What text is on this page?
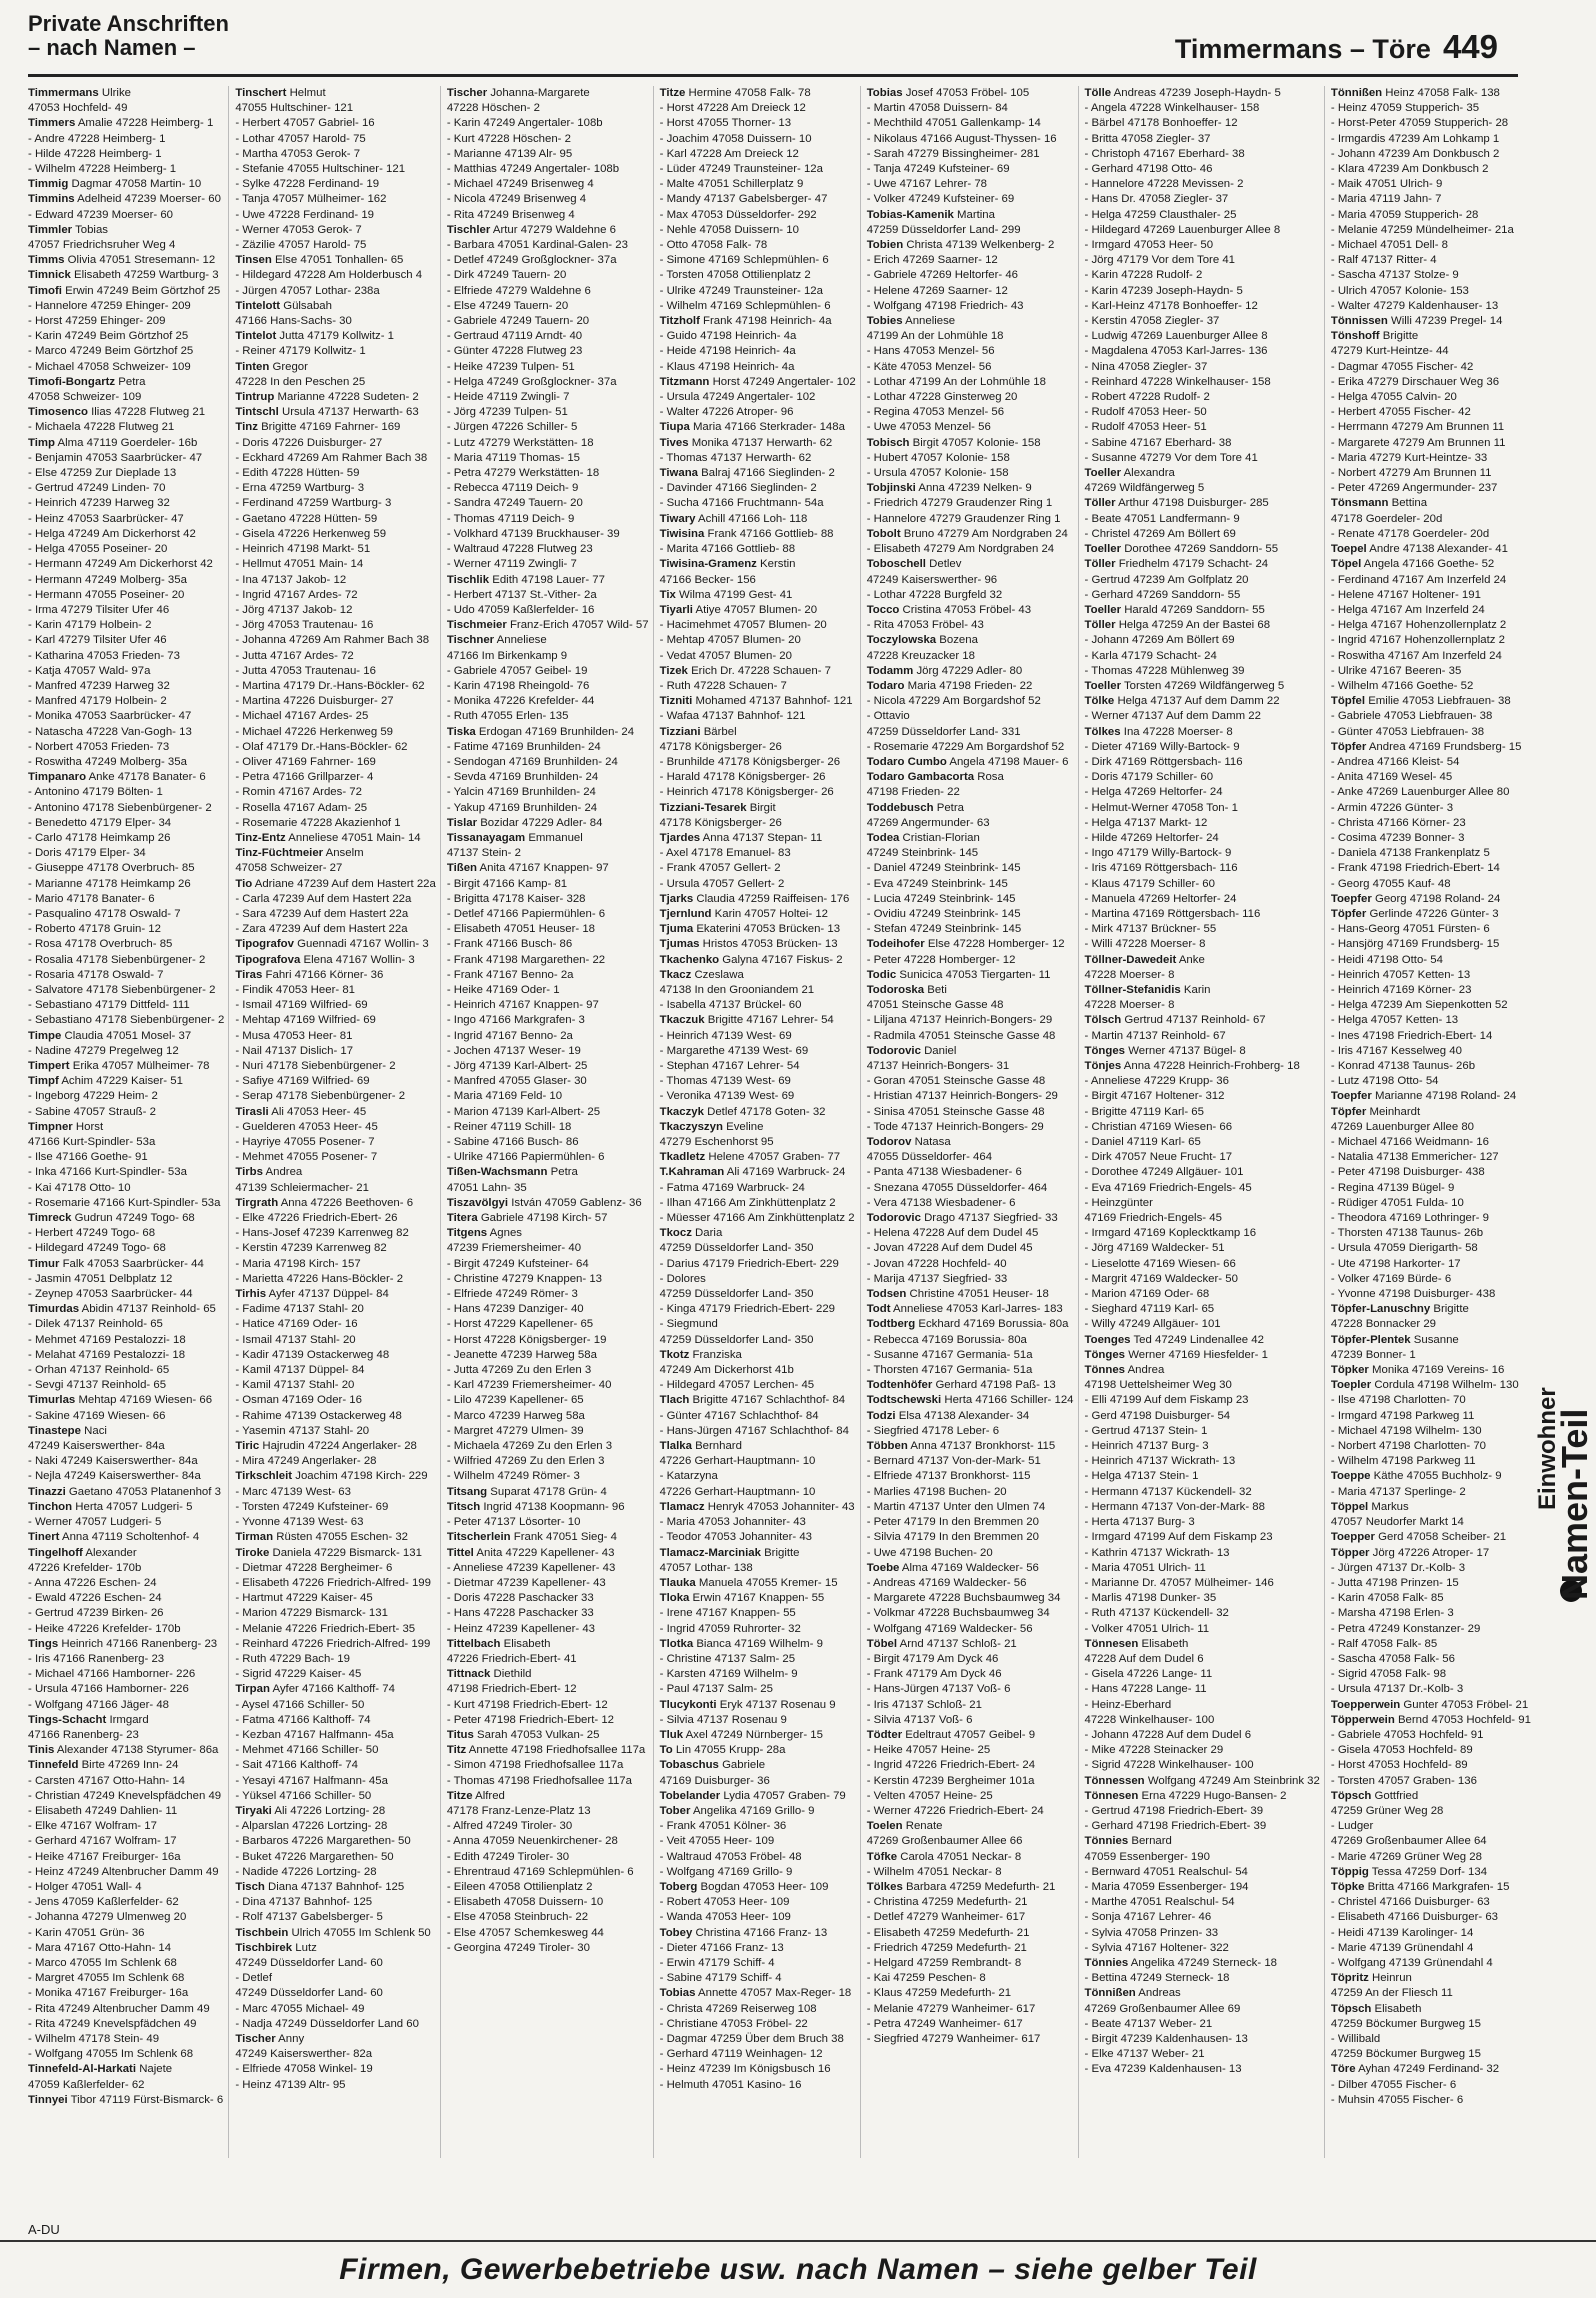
Private Anschriften
– nach Namen –	Timmermans – Töre 449
Timmermans Ulrike
47053 Hochfeld- 49
Timmers Amalie 47228 Heimberg- 1
- Andre 47228 Heimberg- 1
- Hilde 47228 Heimberg- 1
- Wilhelm 47228 Heimberg- 1
Timmig Dagmar 47058 Martin- 10
Timmins Adelheid 47239 Moerser- 60
- Edward 47239 Moerser- 60
Timmler Tobias
47057 Friedrichsruher Weg 4
Timms Olivia 47051 Stresemann- 12
Timnick Elisabeth 47259 Wartburg- 3
Timofi Erwin 47249 Beim Görtzhof 25
- Hannelore 47259 Ehinger- 209
- Horst 47259 Ehinger- 209
- Karin 47249 Beim Görtzhof 25
- Marco 47249 Beim Görtzhof 25
- Michael 47058 Schweizer- 109
Timofi-Bongartz Petra
47058 Schweizer- 109
Timosenco Ilias 47228 Flutweg 21
- Michaela 47228 Flutweg 21
Timp Alma 47119 Goerdeler- 16b
- Benjamin 47053 Saarbrücker- 47
- Else 47259 Zur Dieplade 13
- Gertrud 47249 Linden- 70
- Heinrich 47239 Harweg 32
- Heinz 47053 Saarbrücker- 47
- Helga 47249 Am Dickerhorst 42
- Helga 47055 Poseiner- 20
- Hermann 47249 Am Dickerhorst 42
- Hermann 47249 Molberg- 35a
- Hermann 47055 Poseiner- 20
- Irma 47279 Tilsiter Ufer 46
- Karin 47179 Holbein- 2
- Karl 47279 Tilsiter Ufer 46
- Katharina 47053 Frieden- 73
- Katja 47057 Wald- 97a
- Manfred 47239 Harweg 32
- Manfred 47179 Holbein- 2
- Monika 47053 Saarbrücker- 47
- Natascha 47228 Van-Gogh- 13
- Norbert 47053 Frieden- 73
- Roswitha 47249 Molberg- 35a
Timpanaro Anke 47178 Banater- 6
- Antonino 47179 Bölten- 1
- Antonino 47178 Siebenbürgener- 2
- Benedetto 47179 Elper- 34
- Carlo 47178 Heimkamp 26
- Doris 47179 Elper- 34
- Giuseppe 47178 Overbruch- 85
- Marianne 47178 Heimkamp 26
- Mario 47178 Banater- 6
- Pasqualino 47178 Oswald- 7
- Roberto 47178 Gruin- 12
- Rosa 47178 Overbruch- 85
- Rosalia 47178 Siebenbürgener- 2
- Rosaria 47178 Oswald- 7
- Salvatore 47178 Siebenbürgener- 2
- Sebastiano 47179 Dittfeld- 111
- Sebastiano 47178 Siebenbürgener- 2
Timpe Claudia 47051 Mosel- 37
- Nadine 47279 Pregelweg 12
Timpert Erika 47057 Mülheimer- 78
Timpf Achim 47229 Kaiser- 51
- Ingeborg 47229 Heim- 2
- Sabine 47057 Strauß- 2
Timpner Horst
47166 Kurt-Spindler- 53a
- Ilse 47166 Goethe- 91
- Inka 47166 Kurt-Spindler- 53a
- Kai 47178 Otto- 10
- Rosemarie 47166 Kurt-Spindler- 53a
Timreck Gudrun 47249 Togo- 68
- Herbert 47249 Togo- 68
- Hildegard 47249 Togo- 68
Timur Falk 47053 Saarbrücker- 44
- Jasmin 47051 Delbplatz 12
- Zeynep 47053 Saarbrücker- 44
Timurdas Abidin 47137 Reinhold- 65
- Dilek 47137 Reinhold- 65
- Mehmet 47169 Pestalozzi- 18
- Melahat 47169 Pestalozzi- 18
- Orhan 47137 Reinhold- 65
- Sevgi 47137 Reinhold- 65
Timurlas Mehtap 47169 Wiesen- 66
- Sakine 47169 Wiesen- 66
Tinastepe Naci
47249 Kaiserswerther- 84a
- Naki 47249 Kaiserswerther- 84a
- Nejla 47249 Kaiserswerther- 84a
Tinazzi Gaetano 47053 Platanenhof 3
Tinchon Herta 47057 Ludgeri- 5
- Werner 47057 Ludgeri- 5
Tinert Anna 47119 Scholtenhof- 4
Tingelhoff Alexander
47226 Krefelder- 170b
- Anna 47226 Eschen- 24
- Ewald 47226 Eschen- 24
- Gertrud 47239 Birken- 26
- Heike 47226 Krefelder- 170b
Tings Heinrich 47166 Ranenberg- 23
- Iris 47166 Ranenberg- 23
- Michael 47166 Hamborner- 226
- Ursula 47166 Hamborner- 226
- Wolfgang 47166 Jäger- 48
Tings-Schacht Irmgard
47166 Ranenberg- 23
Tinis Alexander 47138 Styrumer- 86a
Tinnefeld Birte 47269 Inn- 24
- Carsten 47167 Otto-Hahn- 14
- Christian 47249 Knevelspfädchen 49
- Elisabeth 47249 Dahlien- 11
- Elke 47167 Wolfram- 17
- Gerhard 47167 Wolfram- 17
- Heike 47167 Freiburger- 16a
- Heinz 47249 Altenbrucher Damm 49
- Holger 47051 Wall- 4
- Jens 47059 Kaßlerfelder- 62
- Johanna 47279 Ulmenweg 20
- Karin 47051 Grün- 36
- Mara 47167 Otto-Hahn- 14
- Marco 47055 Im Schlenk 68
- Margret 47055 Im Schlenk 68
- Monika 47167 Freiburger- 16a
- Rita 47249 Altenbrucher Damm 49
- Rita 47249 Knevelspfädchen 49
- Wilhelm 47178 Stein- 49
- Wolfgang 47055 Im Schlenk 68
Tinnefeld-Al-Harkati Najete
47059 Kaßlerfelder- 62
Tinnyei Tibor 47119 Fürst-Bismarck- 6
Tinschert Helmut
47055 Hultschiner- 121
- Herbert 47057 Gabriel- 16
- Lothar 47057 Harold- 75
- Martha 47053 Gerok- 7
- Stefanie 47055 Hultschiner- 121
- Sylke 47228 Ferdinand- 19
- Tanja 47057 Mülheimer- 162
- Uwe 47228 Ferdinand- 19
- Werner 47053 Gerok- 7
- Zäzilie 47057 Harold- 75
Tinsen Else 47051 Tonhallen- 65
- Hildegard 47228 Am Holderbusch 4
- Jürgen 47057 Lothar- 238a
Tintelott Gülsabah
47166 Hans-Sachs- 30
Tintelot Jutta 47179 Kollwitz- 1
- Reiner 47179 Kollwitz- 1
Tinten Gregor
47228 In den Peschen 25
Tintrup Marianne 47228 Sudeten- 2
Tintschl Ursula 47137 Herwarth- 63
Tinz Brigitte 47169 Fahrner- 169
- Doris 47226 Duisburger- 27
- Eckhard 47269 Am Rahmer Bach 38
- Edith 47228 Hütten- 59
- Erna 47259 Wartburg- 3
- Ferdinand 47259 Wartburg- 3
- Gaetano 47228 Hütten- 59
- Gisela 47226 Herkenweg 59
- Heinrich 47198 Markt- 51
- Hellmut 47051 Main- 14
- Ina 47137 Jakob- 12
- Ingrid 47167 Ardes- 72
- Jörg 47137 Jakob- 12
- Jörg 47053 Trautenau- 16
- Johanna 47269 Am Rahmer Bach 38
- Jutta 47167 Ardes- 72
- Jutta 47053 Trautenau- 16
- Martina 47179 Dr.-Hans-Böckler- 62
- Martina 47226 Duisburger- 27
- Michael 47167 Ardes- 25
- Michael 47226 Herkenweg 59
- Olaf 47179 Dr.-Hans-Böckler- 62
- Oliver 47169 Fahrner- 169
- Petra 47166 Grillparzer- 4
- Romin 47167 Ardes- 72
- Rosella 47167 Adam- 25
- Rosemarie 47228 Akazienhof 1
Tinz-Entz Anneliese 47051 Main- 14
Tinz-Füchtmeier Anselm
47058 Schweizer- 27
Tio Adriane 47239 Auf dem Hastert 22a
- Carla 47239 Auf dem Hastert 22a
- Sara 47239 Auf dem Hastert 22a
- Zara 47239 Auf dem Hastert 22a
Tipografov Guennadi 47167 Wollin- 3
Tipografova Elena 47167 Wollin- 3
Tiras Fahri 47166 Körner- 36
- Findik 47053 Heer- 81
- Ismail 47169 Wilfried- 69
- Mehtap 47169 Wilfried- 69
- Musa 47053 Heer- 81
- Nail 47137 Dislich- 17
- Nuri 47178 Siebenbürgener- 2
- Safiye 47169 Wilfried- 69
- Serap 47178 Siebenbürgener- 2
Tirasli Ali 47053 Heer- 45
- Guelderen 47053 Heer- 45
- Hayriye 47055 Posener- 7
- Mehmet 47055 Posener- 7
Tirbs Andrea
47139 Schleiermacher- 21
Tirgrath Anna 47226 Beethoven- 6
- Elke 47226 Friedrich-Ebert- 26
- Hans-Josef 47239 Karrenweg 82
- Kerstin 47239 Karrenweg 82
- Maria 47198 Kirch- 157
- Marietta 47226 Hans-Böckler- 2
Tirhis Ayfer 47137 Düppel- 84
- Fadime 47137 Stahl- 20
- Hatice 47169 Oder- 16
- Ismail 47137 Stahl- 20
- Kadir 47139 Ostackerweg 48
- Kamil 47137 Düppel- 84
- Kamil 47137 Stahl- 20
- Osman 47169 Oder- 16
- Rahime 47139 Ostackerweg 48
- Yasemin 47137 Stahl- 20
Tiric Hajrudin 47224 Angerlaker- 28
- Mira 47249 Angerlaker- 28
Tirkschleit Joachim 47198 Kirch- 229
- Marc 47139 West- 63
- Torsten 47249 Kufsteiner- 69
- Yvonne 47139 West- 63
Tirman Rüsten 47055 Eschen- 32
Tiroke Daniela 47229 Bismarck- 131
- Dietmar 47228 Bergheimer- 6
- Elisabeth 47226 Friedrich-Alfred- 199
- Hartmut 47229 Kaiser- 45
- Marion 47229 Bismarck- 131
- Melanie 47226 Friedrich-Ebert- 35
- Reinhard 47226 Friedrich-Alfred- 199
- Ruth 47229 Bach- 19
- Sigrid 47229 Kaiser- 45
Tirpan Ayfer 47166 Kalthoff- 74
- Aysel 47166 Schiller- 50
- Fatma 47166 Kalthoff- 74
- Kezban 47167 Halfmann- 45a
- Mehmet 47166 Schiller- 50
- Sait 47166 Kalthoff- 74
- Yesayi 47167 Halfmann- 45a
- Yüksel 47166 Schiller- 50
Tiryaki Ali 47226 Lortzing- 28
- Alparslan 47226 Lortzing- 28
- Barbaros 47226 Margarethen- 50
- Buket 47226 Margarethen- 50
- Nadide 47226 Lortzing- 28
Tisch Diana 47137 Bahnhof- 125
- Dina 47137 Bahnhof- 125
- Rolf 47137 Gabelsberger- 5
Tischbein Ulrich 47055 Im Schlenk 50
Tischbirek Lutz
47249 Düsseldorfer Land- 60
- Detlef
47249 Düsseldorfer Land- 60
- Marc 47055 Michael- 49
- Nadja 47249 Düsseldorfer Land 60
Tischer Anny
47249 Kaiserswerther- 82a
- Elfriede 47058 Winkel- 19
- Heinz 47139 Altr- 95
Tischer Johanna-Margarete
47228 Höschen- 2
- Karin 47249 Angertaler- 108b
- Kurt 47228 Höschen- 2
- Marianne 47139 Alr- 95
- Matthias 47249 Angertaler- 108b
- Michael 47249 Brisenweg 4
- Nicola 47249 Brisenweg 4
- Rita 47249 Brisenweg 4
Tischler Artur 47279 Waldehne 6
- Barbara 47051 Kardinal-Galen- 23
- Detlef 47249 Großglockner- 37a
- Dirk 47249 Tauern- 20
- Elfriede 47279 Waldehne 6
- Else 47249 Tauern- 20
- Gabriele 47249 Tauern- 20
- Gertraud 47119 Arndt- 40
- Günter 47228 Flutweg 23
- Heike 47239 Tulpen- 51
- Helga 47249 Großglockner- 37a
- Heide 47119 Zwingli- 7
- Jörg 47239 Tulpen- 51
- Jürgen 47226 Schiller- 5
- Lutz 47279 Werkstätten- 18
- Maria 47119 Thomas- 15
- Petra 47279 Werkstätten- 18
- Rebecca 47119 Deich- 9
- Sandra 47249 Tauern- 20
- Thomas 47119 Deich- 9
- Volkhard 47139 Bruckhauser- 39
- Waltraud 47228 Flutweg 23
- Werner 47119 Zwingli- 7
Tischlik Edith 47198 Lauer- 77
- Herbert 47137 St.-Vither- 2a
- Udo 47059 Kaßlerfelder- 16
Tischmeier Franz-Erich 47057 Wild- 57
Tischner Anneliese
47166 Im Birkenkamp 9
- Gabriele 47057 Geibel- 19
- Karin 47198 Rheingold- 76
- Monika 47226 Krefelder- 44
- Ruth 47055 Erlen- 135
Tiska Erdogan 47169 Brunhilden- 24
- Fatime 47169 Brunhilden- 24
- Sendogan 47169 Brunhilden- 24
- Sevda 47169 Brunhilden- 24
- Yalcin 47169 Brunhilden- 24
- Yakup 47169 Brunhilden- 24
Tislar Bozidar 47229 Adler- 84
Tissanayagam Emmanuel
47137 Stein- 2
Tißen Anita 47167 Knappen- 97
- Birgit 47166 Kamp- 81
- Brigitta 47178 Kaiser- 328
- Detlef 47166 Papiermühlen- 6
- Elisabeth 47051 Heuser- 18
- Frank 47166 Busch- 86
- Frank 47198 Margarethen- 22
- Frank 47167 Benno- 2a
- Heike 47169 Oder- 1
- Heinrich 47167 Knappen- 97
- Ingo 47166 Markgrafen- 3
- Ingrid 47167 Benno- 2a
- Jochen 47137 Weser- 19
- Jörg 47139 Karl-Albert- 25
- Manfred 47055 Glaser- 30
- Maria 47169 Feld- 10
- Marion 47139 Karl-Albert- 25
- Reiner 47119 Schill- 18
- Sabine 47166 Busch- 86
- Ulrike 47166 Papiermühlen- 6
Tißen-Wachsmann Petra
47051 Lahn- 35
Tiszavölgyi István 47059 Gablenz- 36
Titera Gabriele 47198 Kirch- 57
Titgens Agnes
47239 Friemersheimer- 40
- Birgit 47249 Kufsteiner- 64
- Christine 47279 Knappen- 13
- Elfriede 47249 Römer- 3
- Hans 47239 Danziger- 40
- Horst 47229 Kapellener- 65
- Horst 47228 Königsberger- 19
- Jeanette 47239 Harweg 58a
- Jutta 47269 Zu den Erlen 3
- Karl 47239 Friemersheimer- 40
- Lilo 47239 Kapellener- 65
- Marco 47239 Harweg 58a
- Margret 47279 Ulmen- 39
- Michaela 47269 Zu den Erlen 3
- Wilfried 47269 Zu den Erlen 3
- Wilhelm 47249 Römer- 3
Titsang Suparat 47178 Grün- 4
Titsch Ingrid 47138 Koopmann- 96
- Peter 47137 Lösorter- 10
Titscherlein Frank 47051 Sieg- 4
Tittel Anita 47229 Kapellener- 43
- Anneliese 47239 Kapellener- 43
- Dietmar 47239 Kapellener- 43
- Doris 47228 Paschacker 33
- Hans 47228 Paschacker 33
- Heinz 47239 Kapellener- 43
Tittelbach Elisabeth
47226 Friedrich-Ebert- 41
Tittnack Diethild
47198 Friedrich-Ebert- 12
- Kurt 47198 Friedrich-Ebert- 12
- Peter 47198 Friedrich-Ebert- 12
Titus Sarah 47053 Vulkan- 25
Titz Annette 47198 Friedhofsallee 117a
- Simon 47198 Friedhofsallee 117a
- Thomas 47198 Friedhofsallee 117a
Titze Alfred
47178 Franz-Lenze-Platz 13
- Alfred 47249 Tiroler- 30
- Anna 47059 Neuenkirchener- 28
- Edith 47249 Tiroler- 30
- Ehrentraud 47169 Schlepmühlen- 6
- Eileen 47058 Ottilienplatz 2
- Elisabeth 47058 Duissern- 10
- Else 47058 Steinbruch- 22
- Else 47057 Schemkesweg 44
- Georgina 47249 Tiroler- 30
Titze Hermine 47058 Falk- 78
- Horst 47228 Am Dreieck 12
- Horst 47055 Thorner- 13
- Joachim 47058 Duissern- 10
- Karl 47228 Am Dreieck 12
- Lüder 47249 Traunsteiner- 12a
- Malte 47051 Schillerplatz 9
- Mandy 47137 Gabelsberger- 47
- Max 47053 Düsseldorfer- 292
- Nehle 47058 Duissern- 10
- Otto 47058 Falk- 78
- Simone 47169 Schlepmühlen- 6
- Torsten 47058 Ottilienplatz 2
- Ulrike 47249 Traunsteiner- 12a
- Wilhelm 47169 Schlepmühlen- 6
Titzholf Frank 47198 Heinrich- 4a
- Guido 47198 Heinrich- 4a
- Heide 47198 Heinrich- 4a
- Klaus 47198 Heinrich- 4a
Titzmann Horst 47249 Angertaler- 102
- Ursula 47249 Angertaler- 102
- Walter 47226 Atroper- 96
Tiupa Maria 47166 Sterkrader- 148a
Tives Monika 47137 Herwarth- 62
- Thomas 47137 Herwarth- 62
Tiwana Balraj 47166 Sieglinden- 2
- Davinder 47166 Sieglinden- 2
- Sucha 47166 Fruchtmann- 54a
Tiwary Achill 47166 Loh- 118
Tiwisina Frank 47166 Gottlieb- 88
- Marita 47166 Gottlieb- 88
Tiwisina-Gramenz Kerstin
47166 Becker- 156
Tix Wilma 47199 Gest- 41
Tiyarli Atiye 47057 Blumen- 20
- Hacimehmet 47057 Blumen- 20
- Mehtap 47057 Blumen- 20
- Vedat 47057 Blumen- 20
Tizek Erich Dr. 47228 Schauen- 7
- Ruth 47228 Schauen- 7
Tizniti Mohamed 47137 Bahnhof- 121
- Wafaa 47137 Bahnhof- 121
Tizziani Bärbel
47178 Königsberger- 26
- Brunhilde 47178 Königsberger- 26
- Harald 47178 Königsberger- 26
- Heinrich 47178 Königsberger- 26
Tizziani-Tesarek Birgit
47178 Königsberger- 26
Tjardes Anna 47137 Stepan- 11
- Axel 47178 Emanuel- 83
- Frank 47057 Gellert- 2
- Ursula 47057 Gellert- 2
Tjarks Claudia 47259 Raiffeisen- 176
Tjernlund Karin 47057 Holtei- 12
Tjuma Ekaterini 47053 Brücken- 13
Tjumas Hristos 47053 Brücken- 13
Tkachenko Galyna 47167 Fiskus- 2
Tkacz Czeslawa
47138 In den Grooniandem 21
- Isabella 47137 Brückel- 60
Tkaczuk Brigitte 47167 Lehrer- 54
- Heinrich 47139 West- 69
- Margarethe 47139 West- 69
- Stephan 47167 Lehrer- 54
- Thomas 47139 West- 69
- Veronika 47139 West- 69
Tkaczyk Detlef 47178 Goten- 32
Tkaczyszyn Eveline
47279 Eschenhorst 95
Tkadletz Helene 47057 Graben- 77
T.Kahraman Ali 47169 Warbruck- 24
- Fatma 47169 Warbruck- 24
- Ilhan 47166 Am Zinkhüttenplatz 2
- Müesser 47166 Am Zinkhüttenplatz 2
Tkocz Daria
47259 Düsseldorfer Land- 350
- Darius 47179 Friedrich-Ebert- 229
- Dolores
47259 Düsseldorfer Land- 350
- Kinga 47179 Friedrich-Ebert- 229
- Siegmund
47259 Düsseldorfer Land- 350
Tkotz Franziska
47249 Am Dickerhorst 41b
- Hildegard 47057 Lerchen- 45
Tlach Brigitte 47167 Schlachthof- 84
- Günter 47167 Schlachthof- 84
- Hans-Jürgen 47167 Schlachthof- 84
Tlalka Bernhard
47226 Gerhart-Hauptmann- 10
- Katarzyna
47226 Gerhart-Hauptmann- 10
Tlamacz Henryk 47053 Johanniter- 43
- Maria 47053 Johanniter- 43
- Teodor 47053 Johanniter- 43
Tlamacz-Marciniak Brigitte
47057 Lothar- 138
Tlauka Manuela 47055 Kremer- 15
Tloka Erwin 47167 Knappen- 55
- Irene 47167 Knappen- 55
- Ingrid 47059 Ruhrorter- 32
Tlotka Bianca 47169 Wilhelm- 9
- Christine 47137 Salm- 25
- Karsten 47169 Wilhelm- 9
- Paul 47137 Salm- 25
Tlucykonti Eryk 47137 Rosenau 9
- Silvia 47137 Rosenau 9
Tluk Axel 47249 Nürnberger- 15
To Lin 47055 Krupp- 28a
Tobaschus Gabriele
47169 Duisburger- 36
Tobelander Lydia 47057 Graben- 79
Tober Angelika 47169 Grillo- 9
- Frank 47051 Kölner- 36
- Veit 47055 Heer- 109
- Waltraud 47053 Fröbel- 48
- Wolfgang 47169 Grillo- 9
Toberg Bogdan 47053 Heer- 109
- Robert 47053 Heer- 109
- Wanda 47053 Heer- 109
Tobey Christina 47166 Franz- 13
- Dieter 47166 Franz- 13
- Erwin 47179 Schiff- 4
- Sabine 47179 Schiff- 4
Tobias Annette 47057 Max-Reger- 18
- Christa 47269 Reiserweg 108
- Christiane 47053 Fröbel- 22
- Dagmar 47259 Über dem Bruch 38
- Gerhard 47119 Weinhagen- 12
- Heinz 47239 Im Königsbusch 16
- Helmuth 47051 Kasino- 16
Tobias Josef 47053 Fröbel- 105
- Martin 47058 Duissern- 84
- Mechthild 47051 Gallenkamp- 14
- Nikolaus 47166 August-Thyssen- 16
- Sarah 47279 Bissingheimer- 281
- Tanja 47249 Kufsteiner- 69
- Uwe 47167 Lehrer- 78
- Volker 47249 Kufsteiner- 69
Tobias-Kamenik Martina
47259 Düsseldorfer Land- 299
Tobien Christa 47139 Welkenberg- 2
- Erich 47269 Saarner- 12
- Gabriele 47269 Heltorfer- 46
- Helene 47269 Saarner- 12
- Wolfgang 47198 Friedrich- 43
Tobies Anneliese
47199 An der Lohmühle 18
- Hans 47053 Menzel- 56
- Käte 47053 Menzel- 56
- Lothar 47199 An der Lohmühle 18
- Lothar 47228 Ginsterweg 20
- Regina 47053 Menzel- 56
- Uwe 47053 Menzel- 56
Tobisch Birgit 47057 Kolonie- 158
- Hubert 47057 Kolonie- 158
- Ursula 47057 Kolonie- 158
Tobjinski Anna 47239 Nelken- 9
- Friedrich 47279 Graudenzer Ring 1
- Hannelore 47279 Graudenzer Ring 1
Tobolt Bruno 47279 Am Nordgraben 24
- Elisabeth 47279 Am Nordgraben 24
Toboschell Detlev
47249 Kaiserswerther- 96
- Lothar 47228 Burgfeld 32
Tocco Cristina 47053 Fröbel- 43
- Rita 47053 Fröbel- 43
Toczylowska Bozena
47228 Kreuzacker 18
Todamm Jörg 47229 Adler- 80
Todaro Maria 47198 Frieden- 22
- Nicola 47229 Am Borgardshof 52
- Ottavio
47259 Düsseldorfer Land- 331
- Rosemarie 47229 Am Borgardshof 52
Todaro Cumbo Angela 47198 Mauer- 6
Todaro Gambacorta Rosa
47198 Frieden- 22
Toddebusch Petra
47269 Angermunder- 63
Todea Cristian-Florian
47249 Steinbrink- 145
- Daniel 47249 Steinbrink- 145
- Eva 47249 Steinbrink- 145
- Lucia 47249 Steinbrink- 145
- Ovidiu 47249 Steinbrink- 145
- Stefan 47249 Steinbrink- 145
Todeihofer Else 47228 Homberger- 12
- Peter 47228 Homberger- 12
Todic Sunicica 47053 Tiergarten- 11
Todoroska Beti
47051 Steinsche Gasse 48
- Liljana 47137 Heinrich-Bongers- 29
- Radmila 47051 Steinsche Gasse 48
Todorovic Daniel
47137 Heinrich-Bongers- 31
- Goran 47051 Steinsche Gasse 48
- Hristian 47137 Heinrich-Bongers- 29
- Sinisa 47051 Steinsche Gasse 48
- Tode 47137 Heinrich-Bongers- 29
Todorov Natasa
47055 Düsseldorfer- 464
- Panta 47138 Wiesbadener- 6
- Snezana 47055 Düsseldorfer- 464
- Vera 47138 Wiesbadener- 6
Todorovic Drago 47137 Siegfried- 33
- Helena 47228 Auf dem Dudel 45
- Jovan 47228 Auf dem Dudel 45
- Jovan 47228 Hochfeld- 40
- Marija 47137 Siegfried- 33
Todsen Christine 47051 Heuser- 18
Todt Anneliese 47053 Karl-Jarres- 183
Todtberg Eckhard 47169 Borussia- 80a
- Rebecca 47169 Borussia- 80a
- Susanne 47167 Germania- 51a
- Thorsten 47167 Germania- 51a
Todtenhöfer Gerhard 47198 Paß- 13
Todtschewski Herta 47166 Schiller- 124
Todzi Elsa 47138 Alexander- 34
- Siegfried 47178 Leber- 6
Többen Anna 47137 Bronkhorst- 115
- Bernard 47137 Von-der-Mark- 51
- Elfriede 47137 Bronkhorst- 115
- Marlies 47198 Buchen- 20
- Martin 47137 Unter den Ulmen 74
- Peter 47179 In den Bremmen 20
- Silvia 47179 In den Bremmen 20
- Uwe 47198 Buchen- 20
Toebe Alma 47169 Waldecker- 56
- Andreas 47169 Waldecker- 56
- Margarete 47228 Buchsbaumweg 34
- Volkmar 47228 Buchsbaumweg 34
- Wolfgang 47169 Waldecker- 56
Töbel Arnd 47137 Schloß- 21
- Birgit 47179 Am Dyck 46
- Frank 47179 Am Dyck 46
- Hans-Jürgen 47137 Voß- 6
- Iris 47137 Schloß- 21
- Silvia 47137 Voß- 6
Tödter Edeltraut 47057 Geibel- 9
- Heike 47057 Heine- 25
- Ingrid 47226 Friedrich-Ebert- 24
- Kerstin 47239 Bergheimer 101a
- Velten 47057 Heine- 25
- Werner 47226 Friedrich-Ebert- 24
Toelen Renate
47269 Großenbaumer Allee 66
Töfke Carola 47051 Neckar- 8
- Wilhelm 47051 Neckar- 8
Tölkes Barbara 47259 Medefurth- 21
- Christina 47259 Medefurth- 21
- Detlef 47279 Wanheimer- 617
- Elisabeth 47259 Medefurth- 21
- Friedrich 47259 Medefurth- 21
- Helgard 47259 Rembrandt- 8
- Kai 47259 Peschen- 8
- Klaus 47259 Medefurth- 21
- Melanie 47279 Wanheimer- 617
- Petra 47249 Wanheimer- 617
- Siegfried 47279 Wanheimer- 617
Tölle Andreas 47239 Joseph-Haydn- 5
- Angela 47228 Winkelhauser- 158
- Bärbel 47178 Bonhoeffer- 12
- Britta 47058 Ziegler- 37
- Christoph 47167 Eberhard- 38
- Gerhard 47198 Otto- 46
- Hannelore 47228 Mevissen- 2
- Hans Dr. 47058 Ziegler- 37
- Helga 47259 Clausthaler- 25
- Hildegard 47269 Lauenburger Allee 8
- Irmgard 47053 Heer- 50
- Jörg 47179 Vor dem Tore 41
- Karin 47228 Rudolf- 2
- Karin 47239 Joseph-Haydn- 5
- Karl-Heinz 47178 Bonhoeffer- 12
- Kerstin 47058 Ziegler- 37
- Ludwig 47269 Lauenburger Allee 8
- Magdalena 47053 Karl-Jarres- 136
- Nina 47058 Ziegler- 37
- Reinhard 47228 Winkelhauser- 158
- Robert 47228 Rudolf- 2
- Rudolf 47053 Heer- 50
- Rudolf 47053 Heer- 51
- Sabine 47167 Eberhard- 38
- Susanne 47279 Vor dem Tore 41
Toeller Alexandra
47269 Wildfängerweg 5
Töller Arthur 47198 Duisburger- 285
- Beate 47051 Landfermann- 9
- Christel 47269 Am Böllert 69
Toeller Dorothee 47269 Sanddorn- 55
Töller Friedhelm 47179 Schacht- 24
- Gertrud 47239 Am Golfplatz 20
- Gerhard 47269 Sanddorn- 55
Toeller Harald 47269 Sanddorn- 55
Töller Helga 47259 An der Bastei 68
- Johann 47269 Am Böllert 69
- Karla 47179 Schacht- 24
- Thomas 47228 Mühlenweg 39
Toeller Torsten 47269 Wildfängerweg 5
Tölke Helga 47137 Auf dem Damm 22
- Werner 47137 Auf dem Damm 22
Tölkes Ina 47228 Moerser- 8
- Dieter 47169 Willy-Bartock- 9
- Dirk 47169 Röttgersbach- 116
- Doris 47179 Schiller- 60
- Helga 47269 Heltorfer- 24
- Helmut-Werner 47058 Ton- 1
- Helga 47137 Markt- 12
- Hilde 47269 Heltorfer- 24
- Ingo 47179 Willy-Bartock- 9
- Iris 47169 Röttgersbach- 116
- Klaus 47179 Schiller- 60
- Manuela 47269 Heltorfer- 24
- Martina 47169 Röttgersbach- 116
- Mirk 47137 Brückner- 55
- Willi 47228 Moerser- 8
Töllner-Dawedeit Anke
47228 Moerser- 8
Töllner-Stefanidis Karin
47228 Moerser- 8
Tölsch Gertrud 47137 Reinhold- 67
- Martin 47137 Reinhold- 67
Tönges Werner 47137 Bügel- 8
Tönjes Anna 47228 Heinrich-Frohberg- 18
- Anneliese 47229 Krupp- 36
- Birgit 47167 Holtener- 312
- Brigitte 47119 Karl- 65
- Christian 47169 Wiesen- 66
- Daniel 47119 Karl- 65
- Dirk 47057 Neue Frucht- 17
- Dorothee 47249 Allgäuer- 101
- Eva 47169 Friedrich-Engels- 45
- Heinzgünter
47169 Friedrich-Engels- 45
- Irmgard 47169 Koplecktkamp 16
- Jörg 47169 Waldecker- 51
- Lieselotte 47169 Wiesen- 66
- Margrit 47169 Waldecker- 50
- Marion 47169 Oder- 68
- Sieghard 47119 Karl- 65
- Willy 47249 Allgäuer- 101
Toenges Ted 47249 Lindenallee 42
Tönges Werner 47169 Hiesfelder- 1
Tönnes Andrea
47198 Uettelsheimer Weg 30
- Elli 47199 Auf dem Fiskamp 23
- Gerd 47198 Duisburger- 54
- Gertrud 47137 Stein- 1
- Heinrich 47137 Burg- 3
- Heinrich 47137 Wickrath- 13
- Helga 47137 Stein- 1
- Hermann 47137 Kückendell- 32
- Hermann 47137 Von-der-Mark- 88
- Herta 47137 Burg- 3
- Irmgard 47199 Auf dem Fiskamp 23
- Kathrin 47137 Wickrath- 13
- Maria 47051 Ulrich- 11
- Marianne Dr. 47057 Mülheimer- 146
- Marlis 47198 Dunker- 35
- Ruth 47137 Kückendell- 32
- Volker 47051 Ulrich- 11
Tönnesen Elisabeth
47228 Auf dem Dudel 6
- Gisela 47226 Lange- 11
- Hans 47228 Lange- 11
- Heinz-Eberhard
47228 Winkelhauser- 100
- Johann 47228 Auf dem Dudel 6
- Mike 47228 Steinacker 29
- Sigrid 47228 Winkelhauser- 100
Tönnessen Wolfgang 47249 Am Steinbrink 32
Tönnesen Erna 47229 Hugo-Bansen- 2
- Gertrud 47198 Friedrich-Ebert- 39
- Gerhard 47198 Friedrich-Ebert- 39
Tönnies Bernard
47059 Essenberger- 190
- Bernward 47051 Realschul- 54
- Maria 47059 Essenberger- 194
- Marthe 47051 Realschul- 54
- Sonja 47167 Lehrer- 46
- Sylvia 47058 Prinzen- 33
- Sylvia 47167 Holtener- 322
Tönnies Angelika 47249 Sterneck- 18
- Bettina 47249 Sterneck- 18
Tönnißen Andreas
47269 Großenbaumer Allee 69
- Beate 47137 Weber- 21
- Birgit 47239 Kaldenhausen- 13
- Elke 47137 Weber- 21
- Eva 47239 Kaldenhausen- 13
Tönnißen Heinz 47058 Falk- 138
- Heinz 47059 Stupperich- 35
- Horst-Peter 47059 Stupperich- 28
- Irmgardis 47239 Am Lohkamp 1
- Johann 47239 Am Donkbusch 2
- Klara 47239 Am Donkbusch 2
- Maik 47051 Ulrich- 9
- Maria 47119 Jahn- 7
- Maria 47059 Stupperich- 28
- Melanie 47259 Mündelheimer- 21a
- Michael 47051 Dell- 8
- Ralf 47137 Ritter- 4
- Sascha 47137 Stolze- 9
- Ulrich 47057 Kolonie- 153
- Walter 47279 Kaldenhauser- 13
Tönnissen Willi 47239 Pregel- 14
Tönshoff Brigitte
47279 Kurt-Heintze- 44
- Dagmar 47055 Fischer- 42
- Erika 47279 Dirschauer Weg 36
- Helga 47055 Calvin- 20
- Herbert 47055 Fischer- 42
- Herrmann 47279 Am Brunnen 11
- Margarete 47279 Am Brunnen 11
- Maria 47279 Kurt-Heintze- 33
- Norbert 47279 Am Brunnen 11
- Peter 47269 Angermunder- 237
Tönsmann Bettina
47178 Goerdeler- 20d
- Renate 47178 Goerdeler- 20d
Toepel Andre 47138 Alexander- 41
Töpel Angela 47166 Goethe- 52
- Ferdinand 47167 Am Inzerfeld 24
- Helene 47167 Holtener- 191
- Helga 47167 Am Inzerfeld 24
- Helga 47167 Hohenzollernplatz 2
- Ingrid 47167 Hohenzollernplatz 2
- Roswitha 47167 Am Inzerfeld 24
- Ulrike 47167 Beeren- 35
- Wilhelm 47166 Goethe- 52
Töpfel Emilie 47053 Liebfrauen- 38
- Gabriele 47053 Liebfrauen- 38
- Günter 47053 Liebfrauen- 38
Töpfer Andrea 47169 Frundsberg- 15
- Andrea 47166 Kleist- 54
- Anita 47169 Wesel- 45
- Anke 47269 Lauenburger Allee 80
- Armin 47226 Günter- 3
- Christa 47166 Körner- 23
- Cosima 47239 Bonner- 3
- Daniela 47138 Frankenplatz 5
- Frank 47198 Friedrich-Ebert- 14
- Georg 47055 Kauf- 48
Toepfer Georg 47198 Roland- 24
Töpfer Gerlinde 47226 Günter- 3
- Hans-Georg 47051 Fürsten- 6
- Hansjörg 47169 Frundsberg- 15
- Heidi 47198 Otto- 54
- Heinrich 47057 Ketten- 13
- Heinrich 47169 Körner- 23
- Helga 47239 Am Siepenkotten 52
- Helga 47057 Ketten- 13
- Ines 47198 Friedrich-Ebert- 14
- Iris 47167 Kesselweg 40
- Konrad 47138 Taunus- 26b
- Lutz 47198 Otto- 54
Toepfer Marianne 47198 Roland- 24
Töpfer Meinhardt
47269 Lauenburger Allee 80
- Michael 47166 Weidmann- 16
- Natalia 47138 Emmericher- 127
- Peter 47198 Duisburger- 438
- Regina 47139 Bügel- 9
- Rüdiger 47051 Fulda- 10
- Theodora 47169 Lothringer- 9
- Thorsten 47138 Taunus- 26b
- Ursula 47059 Dierigarth- 58
- Ute 47198 Harkorter- 17
- Volker 47169 Bürde- 6
- Yvonne 47198 Duisburger- 438
Töpfer-Lanuschny Brigitte
47228 Bonnacker 29
Töpfer-Plentek Susanne
47239 Bonner- 1
Töpker Monika 47169 Vereins- 16
Toepler Cordula 47198 Wilhelm- 130
- Ilse 47198 Charlotten- 70
- Irmgard 47198 Parkweg 11
- Michael 47198 Wilhelm- 130
- Norbert 47198 Charlotten- 70
- Wilhelm 47198 Parkweg 11
Toeppe Käthe 47055 Buchholz- 9
- Maria 47137 Sperlinge- 2
Töppel Markus
47057 Neudorfer Markt 14
Toepper Gerd 47058 Scheiber- 21
Töpper Jörg 47226 Atroper- 17
- Jürgen 47137 Dr.-Kolb- 3
- Jutta 47198 Prinzen- 15
- Karin 47058 Falk- 85
- Marsha 47198 Erlen- 3
- Petra 47249 Konstanzer- 29
- Ralf 47058 Falk- 85
- Sascha 47058 Falk- 56
- Sigrid 47058 Falk- 98
- Ursula 47137 Dr.-Kolb- 3
Toepperwein Gunter 47053 Fröbel- 21
Töpperwein Bernd 47053 Hochfeld- 91
- Gabriele 47053 Hochfeld- 91
- Gisela 47053 Hochfeld- 89
- Horst 47053 Hochfeld- 89
- Torsten 47057 Graben- 136
Töpsch Gottfried
47259 Grüner Weg 28
- Ludger
47269 Großenbaumer Allee 64
- Marie 47269 Grüner Weg 28
Töppig Tessa 47259 Dorf- 134
Töpke Britta 47166 Markgrafen- 15
- Christel 47166 Duisburger- 63
- Elisabeth 47166 Duisburger- 63
- Heidi 47139 Karolinger- 14
- Marie 47139 Grünendahl 4
- Wolfgang 47139 Grünendahl 4
Töpritz Heinrun
47259 An der Fliesch 11
Töpsch Elisabeth
47259 Böckumer Burgweg 15
- Willibald
47259 Böckumer Burgweg 15
Töre Ayhan 47249 Ferdinand- 32
- Dilber 47055 Fischer- 6
- Muhsin 47055 Fischer- 6
Einwohner
Namen-Teil
A-DU
Firmen, Gewerbebetriebe usw. nach Namen – siehe gelber Teil
